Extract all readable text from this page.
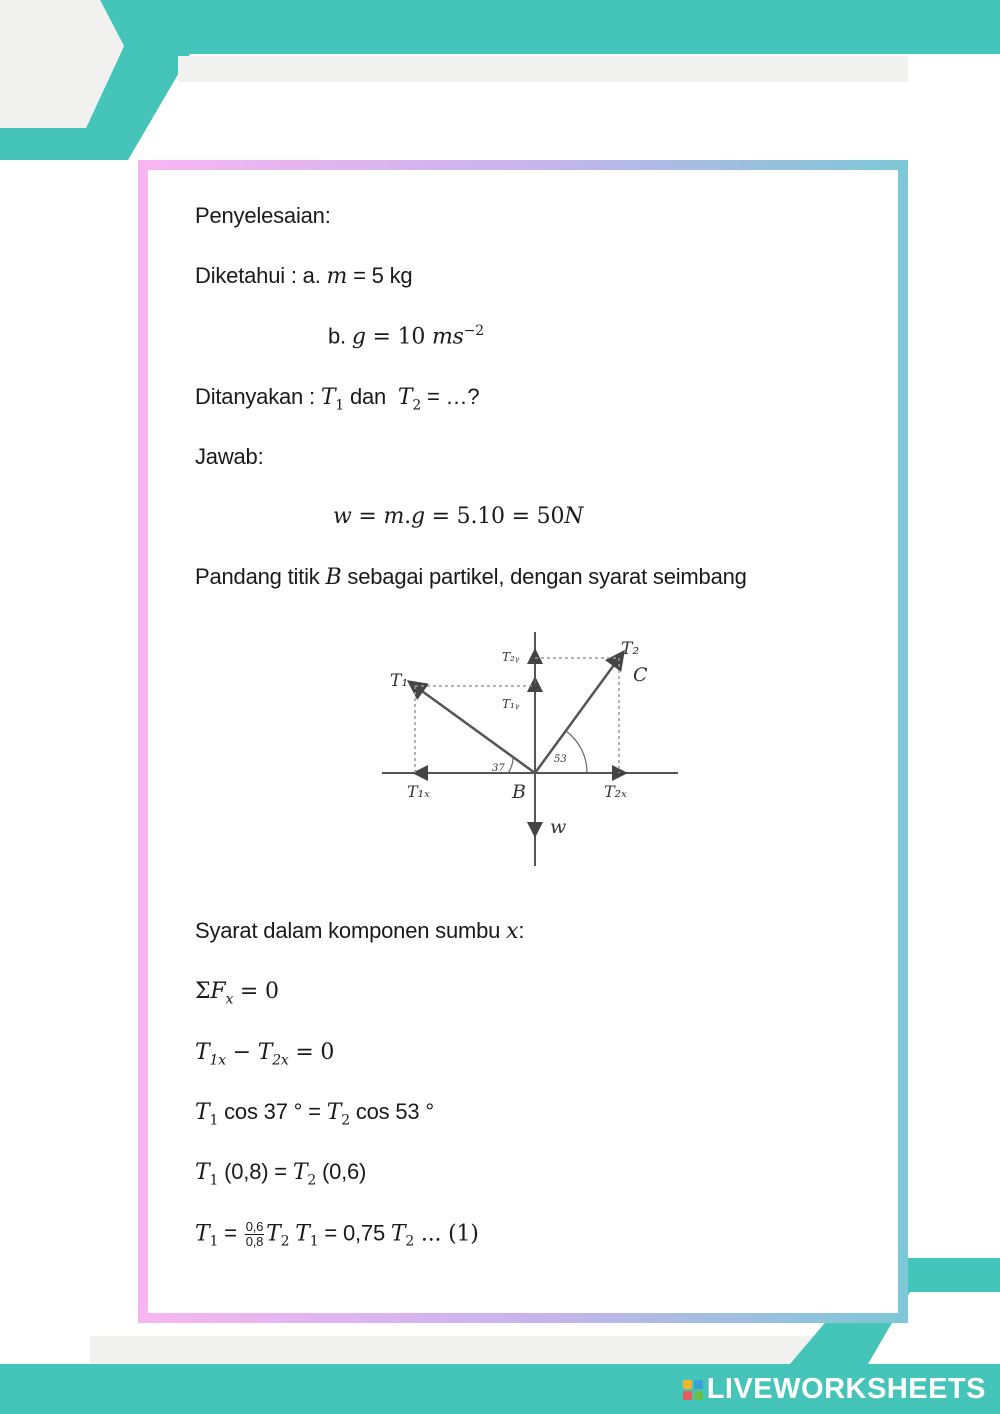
Penyelesaian:
Diketahui : a. m = 5 kg
b. g = 10 $ms^{-2}$
Ditanyakan : $T_1$ dan $T_2$ = …?
Jawab:
w = m.g = 5.10 = 50N
Pandang titik B sebagai partikel, dengan syarat seimbang
T₁
T₂
C
T₂ᵧ
T₁ᵧ
37
53
T₁ₓ	B	T₂ₓ
w
Syarat dalam komponen sumbu x:
$\Sigma F_x = 0$
$T_{1x} - T_{2x} = 0$
$T_1$ cos 37 ° = $T_2$ cos 53 °
$T_1$ $(0,8) = T_2$ (0,6)
$T_1 = \frac{0,6}{0,8} T_2$ $T_1 = 0,75$ $T_2$ ... (1)
LIVEWORKSHEETS
